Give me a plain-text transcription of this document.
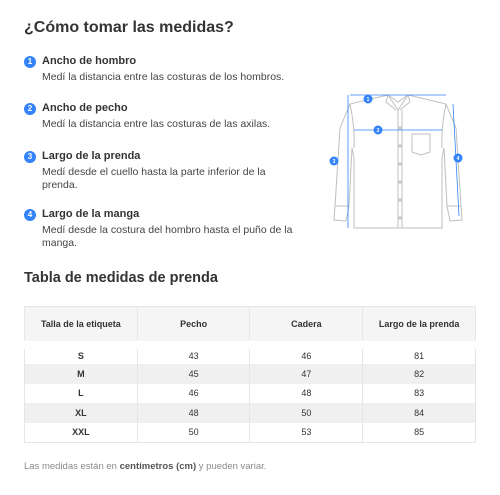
¿Cómo tomar las medidas?
1 Ancho de hombro
Medí la distancia entre las costuras de los hombros.
2 Ancho de pecho
Medí la distancia entre las costuras de las axilas.
3 Largo de la prenda
Medí desde el cuello hasta la parte inferior de la prenda.
4 Largo de la manga
Medí desde la costura del hombro hasta el puño de la manga.
1
2
3	4
Tabla de medidas de prenda
Talla de la etiqueta	Pecho	Cadera	Largo de la prenda
S	43	46	81
M	45	47	82
L	46	48	83
XL	48	50	84
XXL	50	53	85
Las medidas están en centímetros (cm) y pueden variar.
